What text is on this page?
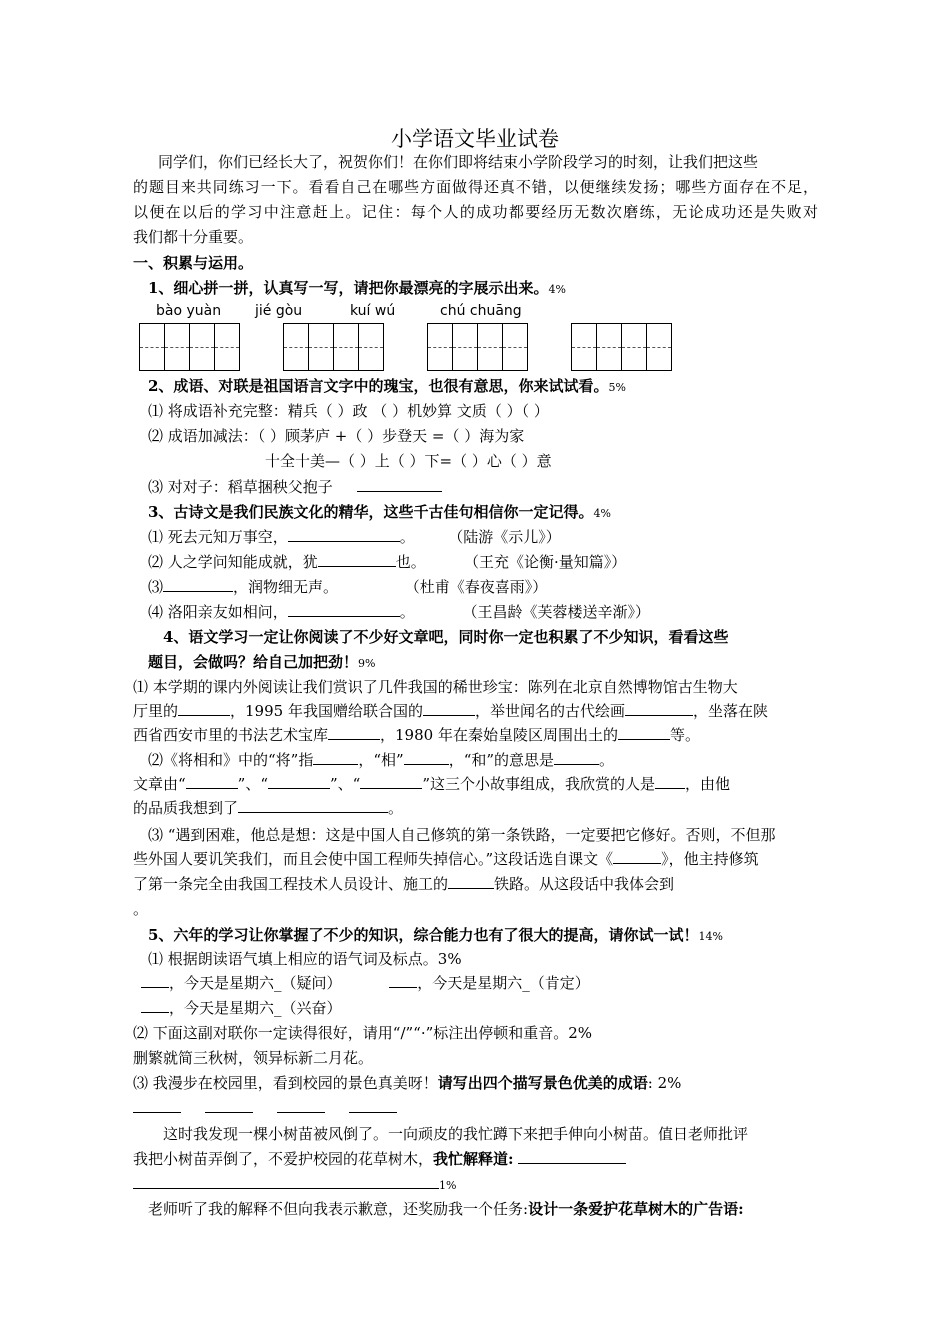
小学语文毕业试卷
同学们，你们已经长大了，祝贺你们！在你们即将结束小学阶段学习的时刻，让我们把这些
的题目来共同练习一下。看看自己在哪些方面做得还真不错，以便继续发扬；哪些方面存在不足，
以便在以后的学习中注意赶上。记住：每个人的成功都要经历无数次磨练，无论成功还是失败对
我们都十分重要。
一、积累与运用。
1、细心拼一拼，认真写一写，请把你最漂亮的字展示出来。4%
bào yuàn jié gòu	kuí wú	chú chuāng
2、成语、对联是祖国语言文字中的瑰宝，也很有意思，你来试试看。5%
⑴ 将成语补充完整：精兵（ ）政 （ ）机妙算 文质（ ）（ ）
⑵ 成语加减法：（ ）顾茅庐 +（ ）步登天 =（ ）海为家
十全十美—（ ）上（ ）下=（ ）心（ ）意
⑶ 对对子：稻草捆秧父抱子
3、古诗文是我们民族文化的精华，这些千古佳句相信你一定记得。4%
⑴ 死去元知万事空，	。 （陆游《示儿》）
⑵ 人之学问知能成就，犹	也。	（王充《论衡·量知篇》）
⑶	，润物细无声。	（杜甫《春夜喜雨》）
⑷ 洛阳亲友如相问，	。	（王昌龄《芙蓉楼送辛渐》）
4、语文学习一定让你阅读了不少好文章吧，同时你一定也积累了不少知识，看看这些
题目，会做吗？给自己加把劲！9%
⑴ 本学期的课内外阅读让我们赏识了几件我国的稀世珍宝：陈列在北京自然博物馆古生物大
厅里的	，1995 年我国赠给联合国的	，举世闻名的古代绘画	，坐落在陕
西省西安市里的书法艺术宝库	，1980 年在秦始皇陵区周围出土的	等。
⑵《将相和》中的“将”指	，“相”	，“和”的意思是	。
文章由“	”、“	”、“	”这三个小故事组成，我欣赏的人是 ，由他
的品质我想到了	。
⑶ “遇到困难，他总是想：这是中国人自己修筑的第一条铁路，一定要把它修好。否则，不但那
些外国人要讥笑我们，而且会使中国工程师失掉信心。”这段话选自课文《	》，他主持修筑
了第一条完全由我国工程技术人员设计、施工的	铁路。从这段话中我体会到
。
5、六年的学习让你掌握了不少的知识，综合能力也有了很大的提高，请你试一试！14%
⑴ 根据朗读语气填上相应的语气词及标点。3%
，今天是星期六_（疑问）	，今天是星期六_（肯定）
，今天是星期六_（兴奋）
⑵ 下面这副对联你一定读得很好，请用“/”“·”标注出停顿和重音。2%
删繁就简三秋树，领异标新二月花。
⑶ 我漫步在校园里，看到校园的景色真美呀！请写出四个描写景色优美的成语: 2%

这时我发现一棵小树苗被风倒了。一向顽皮的我忙蹲下来把手伸向小树苗。值日老师批评
我把小树苗弄倒了，不爱护校园的花草树木，我忙解释道:
1%
老师听了我的解释不但向我表示歉意，还奖励我一个任务:设计一条爱护花草树木的广告语:
